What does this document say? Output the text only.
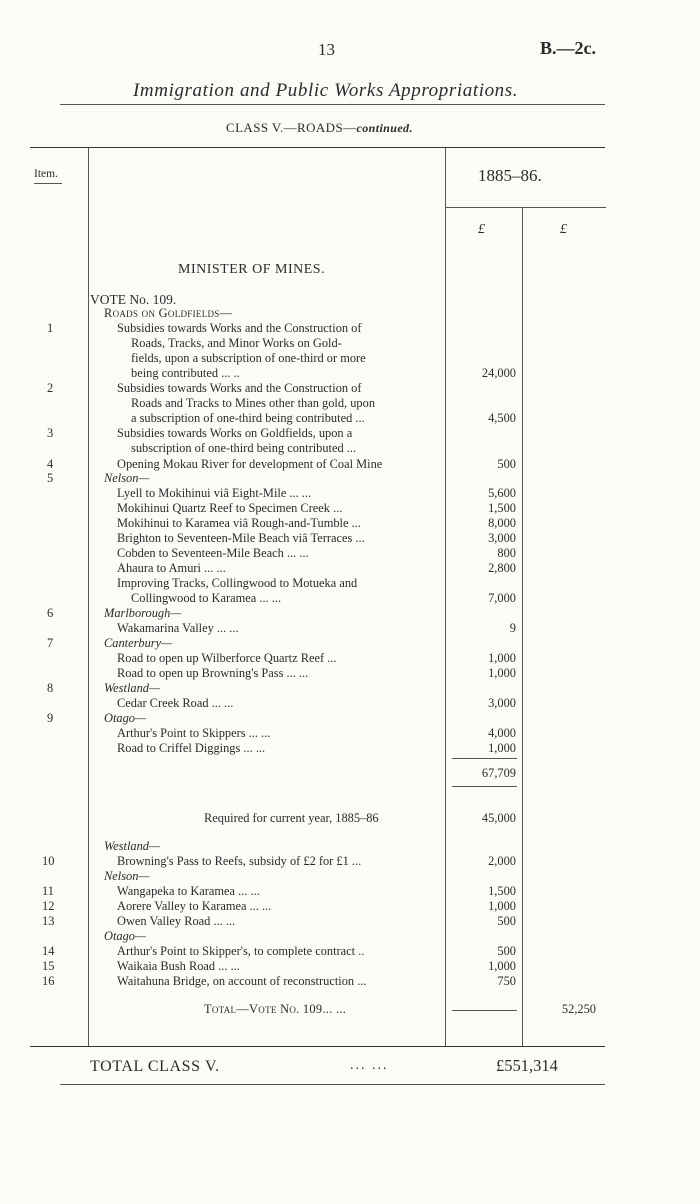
13	B.—2c.
Immigration and Public Works Appropriations.
CLASS V.—ROADS—continued.
Item.	1885–86.
£	£
MINISTER OF MINES.
VOTE No. 109.
Roads on Goldfields—
1	Subsidies towards Works and the Construction of
Roads, Tracks, and Minor Works on Gold-
fields, upon a subscription of one-third or more
being contributed ... ..	24,000
2	Subsidies towards Works and the Construction of
Roads and Tracks to Mines other than gold, upon
a subscription of one-third being contributed ...	4,500
3	Subsidies towards Works on Goldfields, upon a
subscription of one-third being contributed ...
4	Opening Mokau River for development of Coal Mine	500
5	Nelson—
Lyell to Mokihinui viâ Eight-Mile ... ...	5,600
Mokihinui Quartz Reef to Specimen Creek ...	1,500
Mokihinui to Karamea viâ Rough-and-Tumble ...	8,000
Brighton to Seventeen-Mile Beach viâ Terraces ...	3,000
Cobden to Seventeen-Mile Beach ... ...	800
Ahaura to Amuri ... ...	2,800
Improving Tracks, Collingwood to Motueka and
Collingwood to Karamea ... ...	7,000
6	Marlborough—
Wakamarina Valley ... ...	9
7	Canterbury—
Road to open up Wilberforce Quartz Reef ...	1,000
Road to open up Browning's Pass ... ...	1,000
8	Westland—
Cedar Creek Road ... ...	3,000
9	Otago—
Arthur's Point to Skippers ... ...	4,000
Road to Criffel Diggings ... ...	1,000
67,709
Required for current year, 1885–86	45,000
Westland—
10	Browning's Pass to Reefs, subsidy of £2 for £1 ...	2,000
Nelson—
11	Wangapeka to Karamea ... ...	1,500
12	Aorere Valley to Karamea ... ...	1,000
13	Owen Valley Road ... ...	500
Otago—
14	Arthur's Point to Skipper's, to complete contract ..	500
15	Waikaia Bush Road ... ...	1,000
16	Waitahuna Bridge, on account of reconstruction ...	750
Total—Vote No. 109... ...	52,250
TOTAL CLASS V.	... ...	£551,314
